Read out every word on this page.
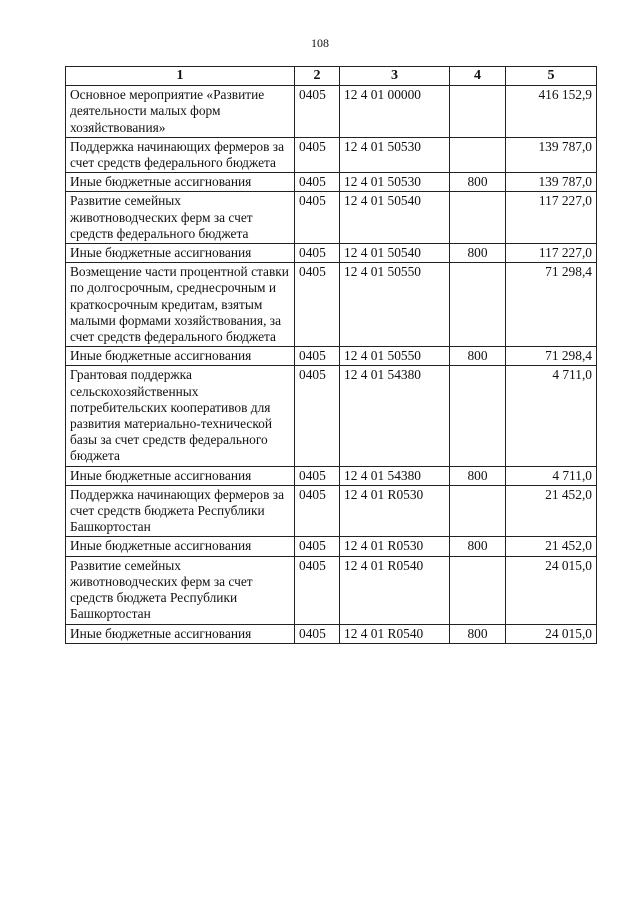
108
1	2	3	4	5
Основное мероприятие «Развитие деятельности малых форм хозяйствования»	0405	12 4 01 00000		416 152,9
Поддержка начинающих фермеров за счет средств федерального бюджета	0405	12 4 01 50530		139 787,0
Иные бюджетные ассигнования	0405	12 4 01 50530	800	139 787,0
Развитие семейных животноводческих ферм за счет средств федерального бюджета	0405	12 4 01 50540		117 227,0
Иные бюджетные ассигнования	0405	12 4 01 50540	800	117 227,0
Возмещение части процентной ставки по долгосрочным, среднесрочным и краткосрочным кредитам, взятым малыми формами хозяйствования, за счет средств федерального бюджета	0405	12 4 01 50550		71 298,4
Иные бюджетные ассигнования	0405	12 4 01 50550	800	71 298,4
Грантовая поддержка сельскохозяйственных потребительских кооперативов для развития материально-технической базы за счет средств федерального бюджета	0405	12 4 01 54380		4 711,0
Иные бюджетные ассигнования	0405	12 4 01 54380	800	4 711,0
Поддержка начинающих фермеров за счет средств бюджета Республики Башкортостан	0405	12 4 01 R0530		21 452,0
Иные бюджетные ассигнования	0405	12 4 01 R0530	800	21 452,0
Развитие семейных животноводческих ферм за счет средств бюджета Республики Башкортостан	0405	12 4 01 R0540		24 015,0
Иные бюджетные ассигнования	0405	12 4 01 R0540	800	24 015,0
